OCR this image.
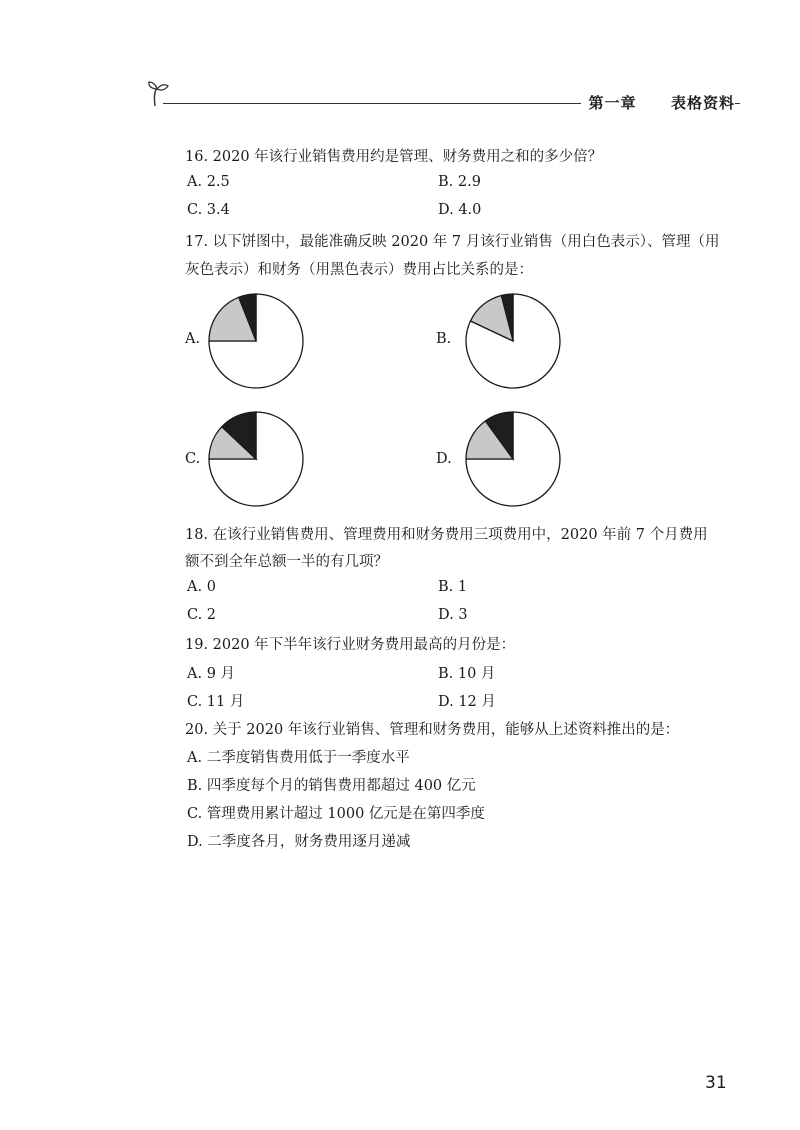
第一章 表格资料
16. 2020 年该行业销售费用约是管理、财务费用之和的多少倍？
A. 2.5	B. 2.9
C. 3.4	D. 4.0
17. 以下饼图中，最能准确反映 2020 年 7 月该行业销售（用白色表示）、管理（用
灰色表示）和财务（用黑色表示）费用占比关系的是：
A.	B.
C.	D.
18. 在该行业销售费用、管理费用和财务费用三项费用中，2020 年前 7 个月费用
额不到全年总额一半的有几项？
A. 0	B. 1
C. 2	D. 3
19. 2020 年下半年该行业财务费用最高的月份是：
A. 9 月	B. 10 月
C. 11 月	D. 12 月
20. 关于 2020 年该行业销售、管理和财务费用，能够从上述资料推出的是：
A. 二季度销售费用低于一季度水平
B. 四季度每个月的销售费用都超过 400 亿元
C. 管理费用累计超过 1000 亿元是在第四季度
D. 二季度各月，财务费用逐月递减
31
